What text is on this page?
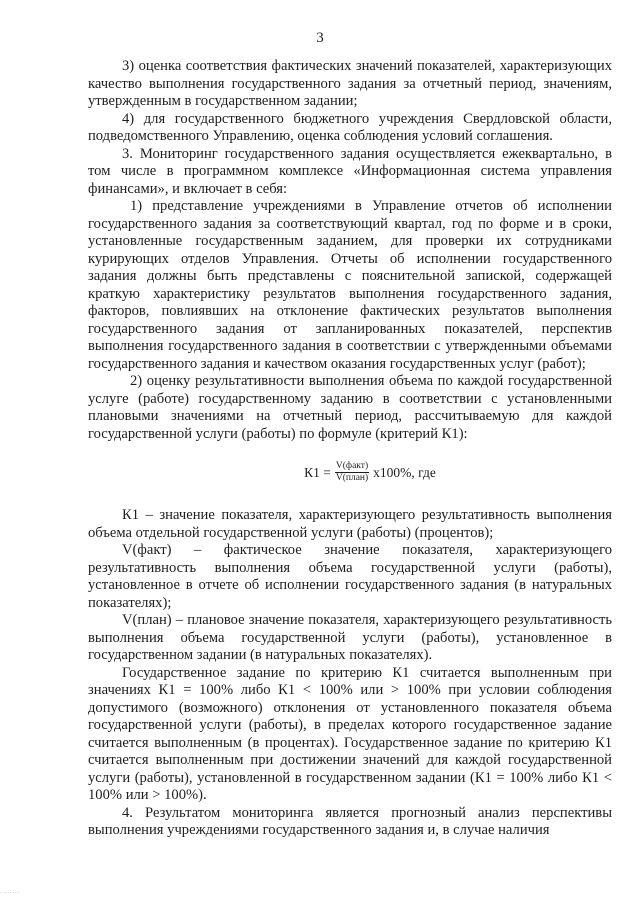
3

3) оценка соответствия фактических значений показателей, характеризующих качество выполнения государственного задания за отчетный период, значениям, утвержденным в государственном задании;

4) для государственного бюджетного учреждения Свердловской области, подведомственного Управлению, оценка соблюдения условий соглашения.

3. Мониторинг государственного задания осуществляется ежеквартально, в том числе в программном комплексе «Информационная система управления финансами», и включает в себя:

1) представление учреждениями в Управление отчетов об исполнении государственного задания за соответствующий квартал, год по форме и в сроки, установленные государственным заданием, для проверки их сотрудниками курирующих отделов Управления. Отчеты об исполнении государственного задания должны быть представлены с пояснительной запиской, содержащей краткую характеристику результатов выполнения государственного задания, факторов, повлиявших на отклонение фактических результатов выполнения государственного задания от запланированных показателей, перспектив выполнения государственного задания в соответствии с утвержденными объемами государственного задания и качеством оказания государственных услуг (работ);

2) оценку результативности выполнения объема по каждой государственной услуге (работе) государственному заданию в соответствии с установленными плановыми значениями на отчетный период, рассчитываемую для каждой государственной услуги (работы) по формуле (критерий К1):

$К1 = \frac{\text{V(факт)}}{\text{V(план)}} x100\%$, где

К1 – значение показателя, характеризующего результативность выполнения объема отдельной государственной услуги (работы) (процентов);

V(факт) – фактическое значение показателя, характеризующего результативность выполнения объема государственной услуги (работы), установленное в отчете об исполнении государственного задания (в натуральных показателях);

V(план) – плановое значение показателя, характеризующего результативность выполнения объема государственной услуги (работы), установленное в государственном задании (в натуральных показателях).

Государственное задание по критерию К1 считается выполненным при значениях К1 = 100% либо К1 < 100% или > 100% при условии соблюдения допустимого (возможного) отклонения от установленного показателя объема государственной услуги (работы), в пределах которого государственное задание считается выполненным (в процентах). Государственное задание по критерию К1 считается выполненным при достижении значений для каждой государственной услуги (работы), установленной в государственном задании (К1 = 100% либо К1 < 100% или > 100%).

4. Результатом мониторинга является прогнозный анализ перспективы выполнения учреждениями государственного задания и, в случае наличия

........
